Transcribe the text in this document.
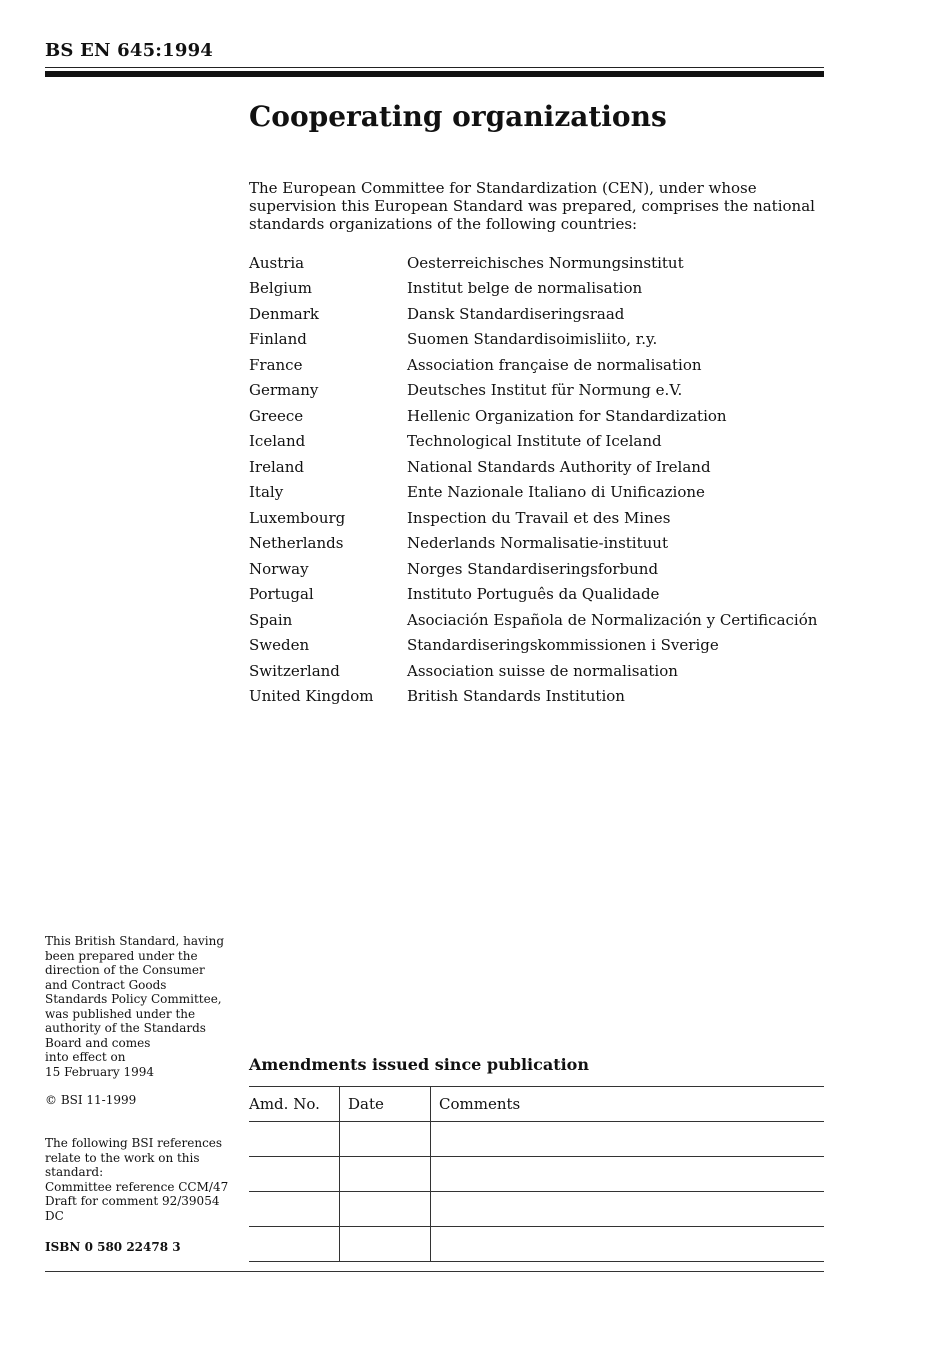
BS EN 645:1994
Cooperating organizations
The European Committee for Standardization (CEN), under whose supervision this European Standard was prepared, comprises the national standards organizations of the following countries:
Austria	Oesterreichisches Normungsinstitut
Belgium	Institut belge de normalisation
Denmark	Dansk Standardiseringsraad
Finland	Suomen Standardisoimisliito, r.y.
France	Association française de normalisation
Germany	Deutsches Institut für Normung e.V.
Greece	Hellenic Organization for Standardization
Iceland	Technological Institute of Iceland
Ireland	National Standards Authority of Ireland
Italy	Ente Nazionale Italiano di Unificazione
Luxembourg	Inspection du Travail et des Mines
Netherlands	Nederlands Normalisatie-instituut
Norway	Norges Standardiseringsforbund
Portugal	Instituto Português da Qualidade
Spain	Asociación Española de Normalización y Certificación
Sweden	Standardiseringskommissionen i Sverige
Switzerland	Association suisse de normalisation
United Kingdom	British Standards Institution
This British Standard, having
been prepared under the
direction of the Consumer
and Contract Goods
Standards Policy Committee,
was published under the
authority of the Standards
Board and comes
into effect on
15 February 1994
© BSI 11-1999
The following BSI references
relate to the work on this
standard:
Committee reference CCM/47
Draft for comment 92/39054 DC
ISBN 0 580 22478 3
Amendments issued since publication
Amd. No.	Date	Comments
